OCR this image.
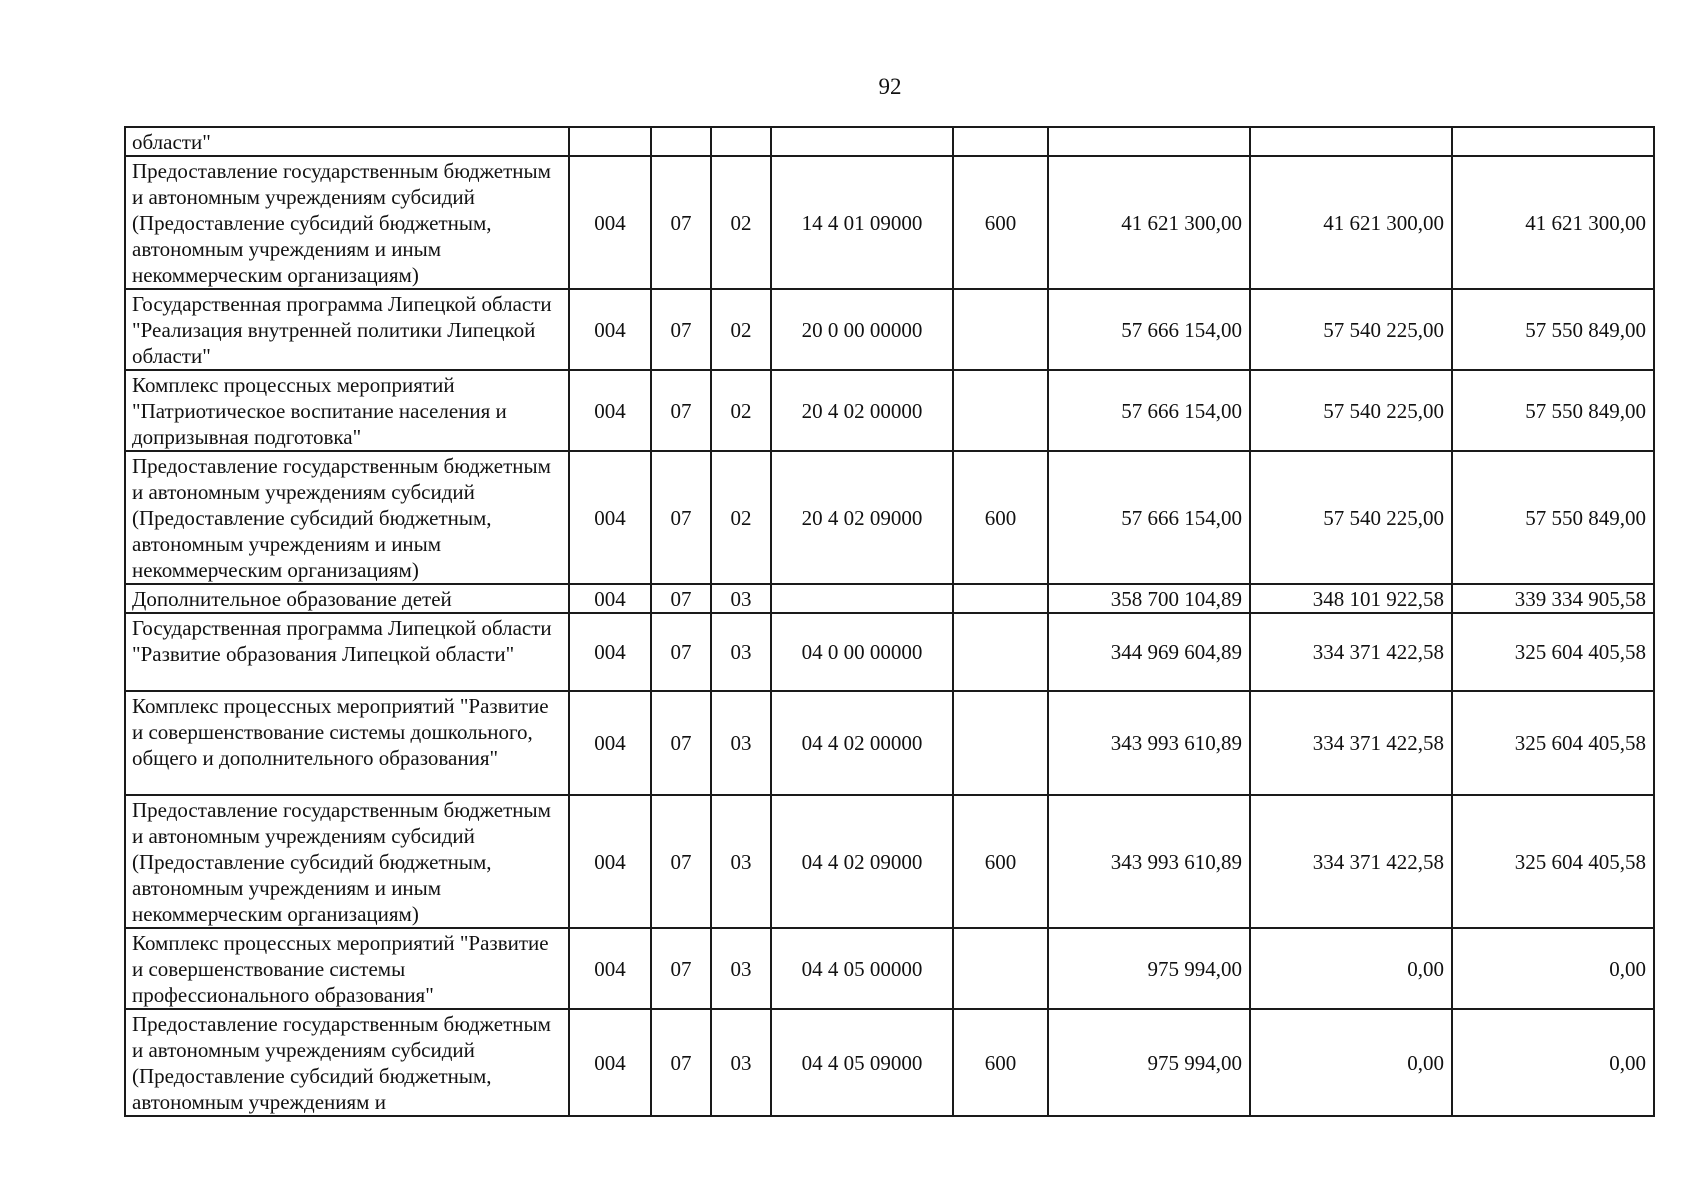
92
области"								
Предоставление государственным бюджетным и автономным учреждениям субсидий (Предоставление субсидий бюджетным, автономным учреждениям и иным некоммерческим организациям)	004	07	02	14 4 01 09000	600	41 621 300,00	41 621 300,00	41 621 300,00
Государственная программа Липецкой области "Реализация внутренней политики Липецкой области"	004	07	02	20 0 00 00000		57 666 154,00	57 540 225,00	57 550 849,00
Комплекс процессных мероприятий "Патриотическое воспитание населения и допризывная подготовка"	004	07	02	20 4 02 00000		57 666 154,00	57 540 225,00	57 550 849,00
Предоставление государственным бюджетным и автономным учреждениям субсидий (Предоставление субсидий бюджетным, автономным учреждениям и иным некоммерческим организациям)	004	07	02	20 4 02 09000	600	57 666 154,00	57 540 225,00	57 550 849,00
Дополнительное образование детей	004	07	03			358 700 104,89	348 101 922,58	339 334 905,58
Государственная программа Липецкой области "Развитие образования Липецкой области"	004	07	03	04 0 00 00000		344 969 604,89	334 371 422,58	325 604 405,58
Комплекс процессных мероприятий "Развитие и совершенствование системы дошкольного, общего и дополнительного образования"	004	07	03	04 4 02 00000		343 993 610,89	334 371 422,58	325 604 405,58
Предоставление государственным бюджетным и автономным учреждениям субсидий (Предоставление субсидий бюджетным, автономным учреждениям и иным некоммерческим организациям)	004	07	03	04 4 02 09000	600	343 993 610,89	334 371 422,58	325 604 405,58
Комплекс процессных мероприятий "Развитие и совершенствование системы профессионального образования"	004	07	03	04 4 05 00000		975 994,00	0,00	0,00
Предоставление государственным бюджетным и автономным учреждениям субсидий (Предоставление субсидий бюджетным, автономным учреждениям и	004	07	03	04 4 05 09000	600	975 994,00	0,00	0,00
